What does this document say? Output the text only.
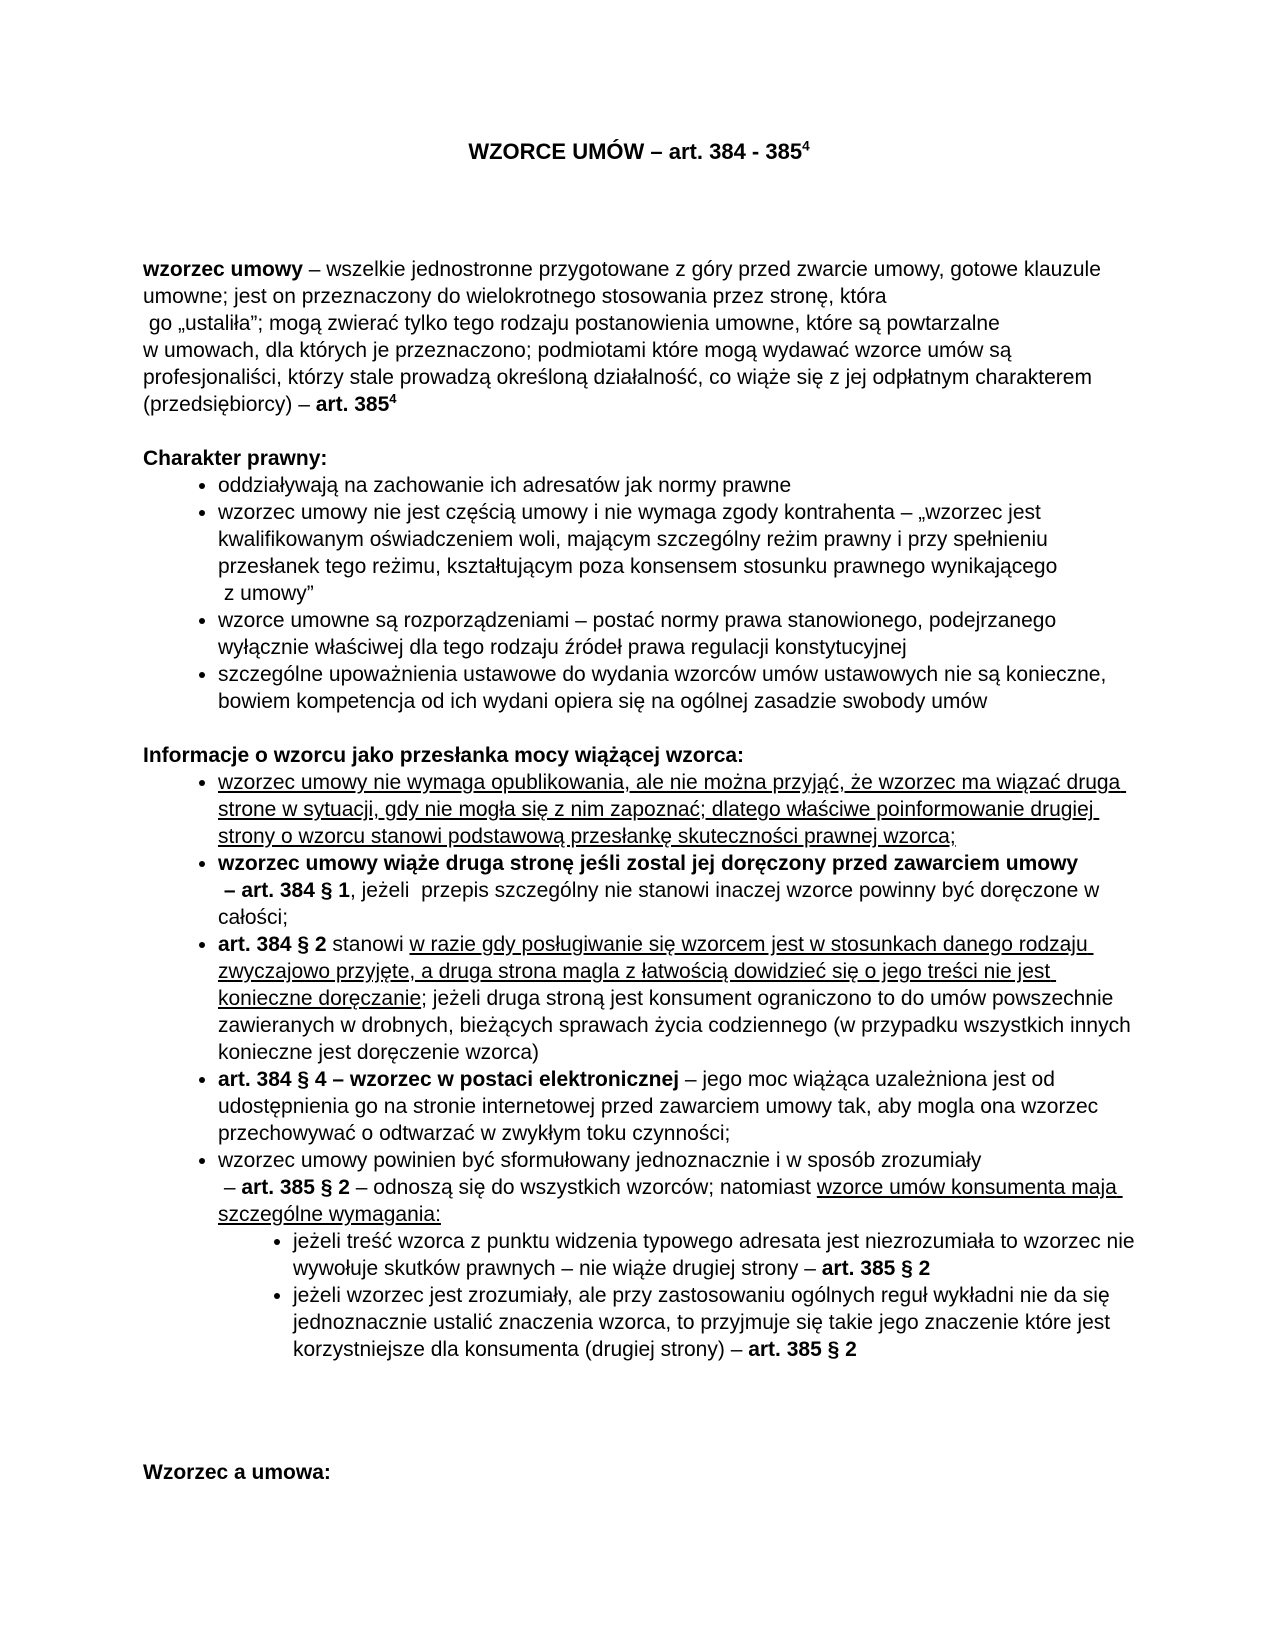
WZORCE UMÓW – art. $384 - 385^4$
wzorzec umowy – wszelkie jednostronne przygotowane z góry przed zwarcie umowy, gotowe klauzule umowne; jest on przeznaczony do wielokrotnego stosowania przez stronę, która
go „ustaliła”; mogą zwierać tylko tego rodzaju postanowienia umowne, które są powtarzalne
w umowach, dla których je przeznaczono; podmiotami które mogą wydawać wzorce umów są profesjonaliści, którzy stale prowadzą określoną działalność, co wiąże się z jej odpłatnym charakterem (przedsiębiorcy) – art. $385^4$
Charakter prawny:
• oddziaływają na zachowanie ich adresatów jak normy prawne
• wzorzec umowy nie jest częścią umowy i nie wymaga zgody kontrahenta – „wzorzec jest kwalifikowanym oświadczeniem woli, mającym szczególny reżim prawny i przy spełnieniu przesłanek tego reżimu, kształtującym poza konsensem stosunku prawnego wynikającego
z umowy”
• wzorce umowne są rozporządzeniami – postać normy prawa stanowionego, podejrzanego wyłącznie właściwej dla tego rodzaju źródeł prawa regulacji konstytucyjnej
• szczególne upoważnienia ustawowe do wydania wzorców umów ustawowych nie są konieczne, bowiem kompetencja od ich wydani opiera się na ogólnej zasadzie swobody umów
Informacje o wzorcu jako przesłanka mocy wiążącej wzorca:
• wzorzec umowy nie wymaga opublikowania, ale nie można przyjąć, że wzorzec ma wiązać druga strone w sytuacji, gdy nie mogła się z nim zapoznać; dlatego właściwe poinformowanie drugiej strony o wzorcu stanowi podstawową przesłankę skuteczności prawnej wzorca;
• wzorzec umowy wiąże druga stronę jeśli zostal jej doręczony przed zawarciem umowy
– art. 384 § 1, jeżeli  przepis szczególny nie stanowi inaczej wzorce powinny być doręczone w całości;
• art. 384 § 2 stanowi w razie gdy posługiwanie się wzorcem jest w stosunkach danego rodzaju zwyczajowo przyjęte, a druga strona magla z łatwością dowidzieć się o jego treści nie jest konieczne doręczanie; jeżeli druga stroną jest konsument ograniczono to do umów powszechnie zawieranych w drobnych, bieżących sprawach życia codziennego (w przypadku wszystkich innych konieczne jest doręczenie wzorca)
• art. 384 § 4 – wzorzec w postaci elektronicznej – jego moc wiążąca uzależniona jest od udostępnienia go na stronie internetowej przed zawarciem umowy tak, aby mogla ona wzorzec przechowywać o odtwarzać w zwykłym toku czynności;
• wzorzec umowy powinien być sformułowany jednoznacznie i w sposób zrozumiały
– art. 385 § 2 – odnoszą się do wszystkich wzorców; natomiast wzorce umów konsumenta maja szczególne wymagania:
• jeżeli treść wzorca z punktu widzenia typowego adresata jest niezrozumiała to wzorzec nie wywołuje skutków prawnych – nie wiąże drugiej strony – art. 385 § 2
• jeżeli wzorzec jest zrozumiały, ale przy zastosowaniu ogólnych reguł wykładni nie da się jednoznacznie ustalić znaczenia wzorca, to przyjmuje się takie jego znaczenie które jest korzystniejsze dla konsumenta (drugiej strony) – art. 385 § 2
Wzorzec a umowa:
